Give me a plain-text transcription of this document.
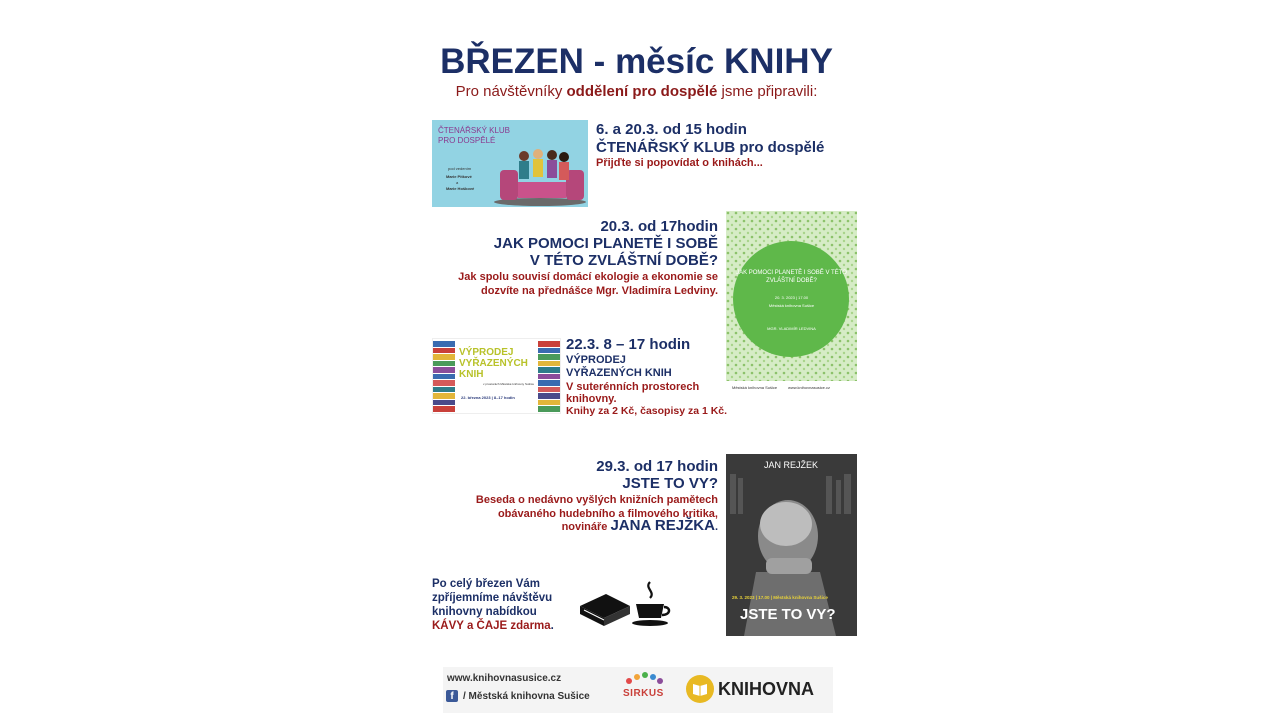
BŘEZEN - měsíc KNIHY
Pro návštěvníky oddělení pro dospělé jsme připravili:
ČTENÁŘSKÝ KLUB PRO DOSPĚLÉ
pod vedením
Marie Pitkové
a
Marie Hoškové
6. a 20.3. od 15 hodin
ČTENÁŘSKÝ KLUB pro dospělé
Přijďte si popovídat o knihách...
20.3. od 17hodin
JAK POMOCI PLANETĚ I SOBĚ
V TÉTO ZVLÁŠTNÍ DOBĚ?
Jak spolu souvisí domácí ekologie a ekonomie se
dozvíte na přednášce Mgr. Vladimíra Ledviny.
JAK POMOCI PLANETĚ I SOBĚ V TÉTO ZVLÁŠTNÍ DOBĚ?
20. 3. 2023 | 17.00
Městská knihovna Sušice
MGR. VLADIMÍR LEDVINA
Městská knihovna Sušice	www.knihovnasusice.cz
VÝPRODEJ
VYŘAZENÝCH
KNIH
v prostorách Městské knihovny Sušice
22. března 2023 | 8–17 hodin
22.3. 8 – 17 hodin
VÝPRODEJ
VYŘAZENÝCH KNIH
V suterénních prostorech
knihovny.
Knihy za 2 Kč, časopisy za 1 Kč.
29.3. od 17 hodin
JSTE TO VY?
Beseda o nedávno vyšlých knižních pamětech
obávaného hudebního a filmového kritika,
novináře JANA REJŽKA.
JAN REJŽEK
29. 3. 2023 | 17.00 | Městská knihovna Sušice
JSTE TO VY?
Po celý březen Vám
zpříjemníme návštěvu
knihovny nabídkou
KÁVY a ČAJE zdarma.
www.knihovnasusice.cz
f / Městská knihovna Sušice	SIRKUS	KNIHOVNA
